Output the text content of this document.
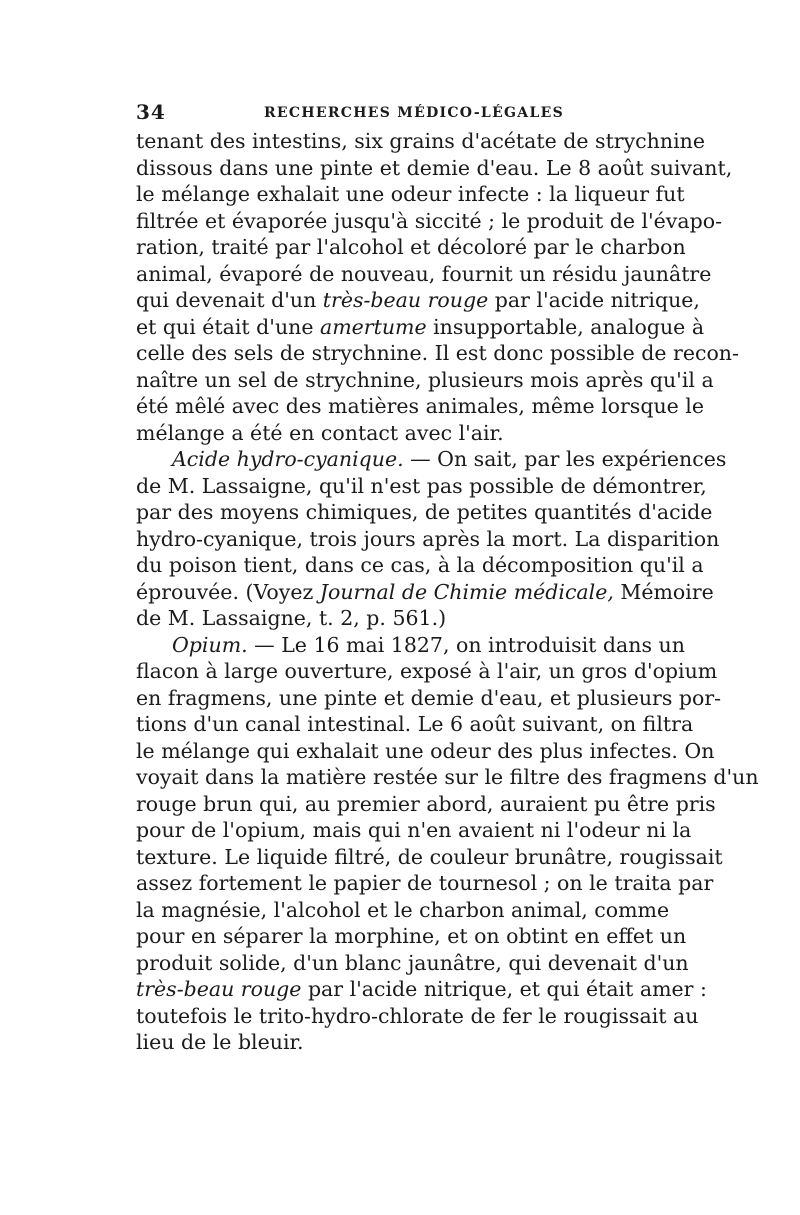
34	RECHERCHES MÉDICO-LÉGALES
tenant des intestins, six grains d'acétate de strychnine
dissous dans une pinte et demie d'eau. Le 8 août suivant,
le mélange exhalait une odeur infecte : la liqueur fut
filtrée et évaporée jusqu'à siccité ; le produit de l'évapo-
ration, traité par l'alcohol et décoloré par le charbon
animal, évaporé de nouveau, fournit un résidu jaunâtre
qui devenait d'un très-beau rouge par l'acide nitrique,
et qui était d'une amertume insupportable, analogue à
celle des sels de strychnine. Il est donc possible de recon-
naître un sel de strychnine, plusieurs mois après qu'il a
été mêlé avec des matières animales, même lorsque le
mélange a été en contact avec l'air.
Acide hydro-cyanique. — On sait, par les expériences
de M. Lassaigne, qu'il n'est pas possible de démontrer,
par des moyens chimiques, de petites quantités d'acide
hydro-cyanique, trois jours après la mort. La disparition
du poison tient, dans ce cas, à la décomposition qu'il a
éprouvée. (Voyez Journal de Chimie médicale, Mémoire
de M. Lassaigne, t. 2, p. 561.)
Opium. — Le 16 mai 1827, on introduisit dans un
flacon à large ouverture, exposé à l'air, un gros d'opium
en fragmens, une pinte et demie d'eau, et plusieurs por-
tions d'un canal intestinal. Le 6 août suivant, on filtra
le mélange qui exhalait une odeur des plus infectes. On
voyait dans la matière restée sur le filtre des fragmens d'un
rouge brun qui, au premier abord, auraient pu être pris
pour de l'opium, mais qui n'en avaient ni l'odeur ni la
texture. Le liquide filtré, de couleur brunâtre, rougissait
assez fortement le papier de tournesol ; on le traita par
la magnésie, l'alcohol et le charbon animal, comme
pour en séparer la morphine, et on obtint en effet un
produit solide, d'un blanc jaunâtre, qui devenait d'un
très-beau rouge par l'acide nitrique, et qui était amer :
toutefois le trito-hydro-chlorate de fer le rougissait au
lieu de le bleuir.
